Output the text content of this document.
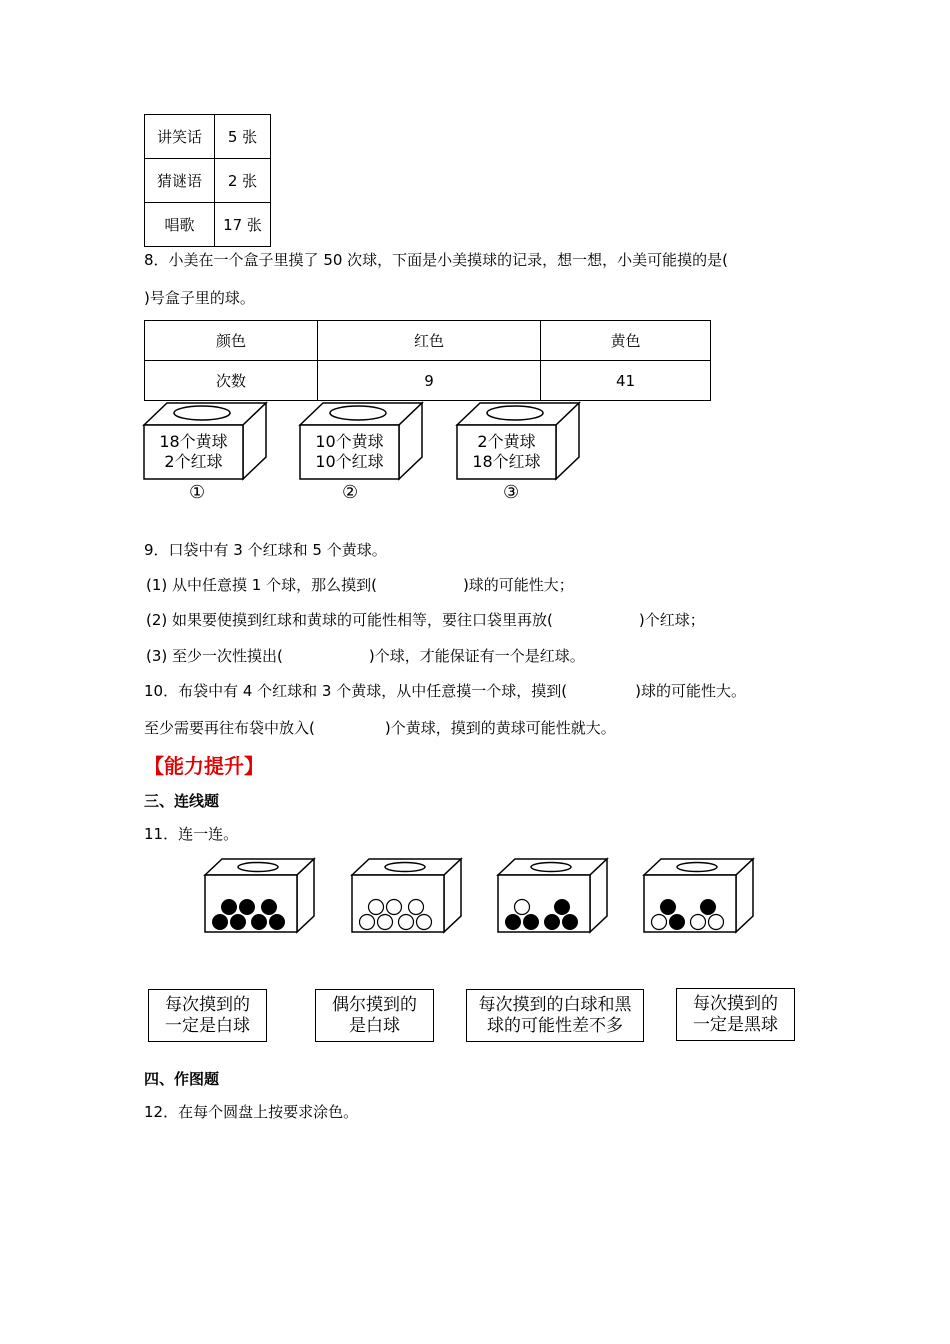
讲笑话	5 张
猜谜语	2 张
唱歌	17 张
8．小美在一个盒子里摸了 50 次球，下面是小美摸球的记录，想一想，小美可能摸的是(
)号盒子里的球。
颜色	红色	黄色
次数	9	41
18个黄球
2个红球
①
10个黄球
10个红球
②
2个黄球
18个红球
③
9．口袋中有 3 个红球和 5 个黄球。
(1) 从中任意摸 1 个球，那么摸到(	)球的可能性大；
(2) 如果要使摸到红球和黄球的可能性相等，要往口袋里再放(	)个红球；
(3) 至少一次性摸出(	)个球，才能保证有一个是红球。
10．布袋中有 4 个红球和 3 个黄球，从中任意摸一个球，摸到(	)球的可能性大。
至少需要再往布袋中放入(	)个黄球，摸到的黄球可能性就大。
【能力提升】
三、连线题
11．连一连。
每次摸到的
一定是白球
偶尔摸到的
是白球
每次摸到的白球和黑
球的可能性差不多
每次摸到的
一定是黑球
四、作图题
12．在每个圆盘上按要求涂色。
